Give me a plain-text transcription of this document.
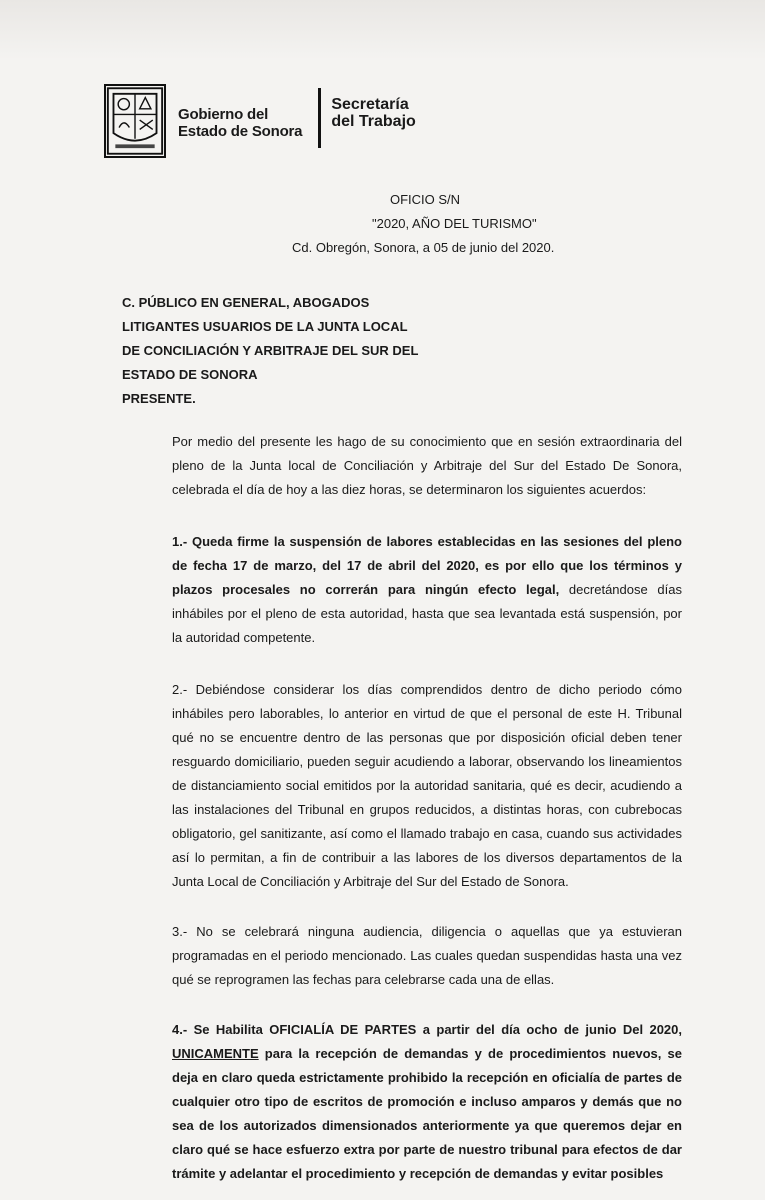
Gobierno del
Estado de Sonora
Secretaría
del Trabajo
OFICIO S/N
"2020, AÑO DEL TURISMO"
Cd. Obregón, Sonora, a 05 de junio del 2020.
C. PÚBLICO EN GENERAL, ABOGADOS
LITIGANTES USUARIOS DE LA JUNTA LOCAL
DE CONCILIACIÓN Y ARBITRAJE DEL SUR DEL
ESTADO DE SONORA
PRESENTE.
Por medio del presente les hago de su conocimiento que en sesión extraordinaria del pleno de la Junta local de Conciliación y Arbitraje del Sur del Estado De Sonora, celebrada el día de hoy a las diez horas, se determinaron los siguientes acuerdos:
1.- Queda firme la suspensión de labores establecidas en las sesiones del pleno de fecha 17 de marzo, del 17 de abril del 2020, es por ello que los términos y plazos procesales no correrán para ningún efecto legal, decretándose días inhábiles por el pleno de esta autoridad, hasta que sea levantada está suspensión, por la autoridad competente.
2.- Debiéndose considerar los días comprendidos dentro de dicho periodo cómo inhábiles pero laborables, lo anterior en virtud de que el personal de este H. Tribunal qué no se encuentre dentro de las personas que por disposición oficial deben tener resguardo domiciliario, pueden seguir acudiendo a laborar, observando los lineamientos de distanciamiento social emitidos por la autoridad sanitaria, qué es decir, acudiendo a las instalaciones del Tribunal en grupos reducidos, a distintas horas, con cubrebocas obligatorio, gel sanitizante, así como el llamado trabajo en casa, cuando sus actividades así lo permitan, a fin de contribuir a las labores de los diversos departamentos de la Junta Local de Conciliación y Arbitraje del Sur del Estado de Sonora.
3.- No se celebrará ninguna audiencia, diligencia o aquellas que ya estuvieran programadas en el periodo mencionado. Las cuales quedan suspendidas hasta una vez qué se reprogramen las fechas para celebrarse cada una de ellas.
4.- Se Habilita OFICIALÍA DE PARTES a partir del día ocho de junio Del 2020, UNICAMENTE para la recepción de demandas y de procedimientos nuevos, se deja en claro queda estrictamente prohibido la recepción en oficialía de partes de cualquier otro tipo de escritos de promoción e incluso amparos y demás que no sea de los autorizados dimensionados anteriormente ya que queremos dejar en claro qué se hace esfuerzo extra por parte de nuestro tribunal para efectos de dar trámite y adelantar el procedimiento y recepción de demandas y evitar posibles
